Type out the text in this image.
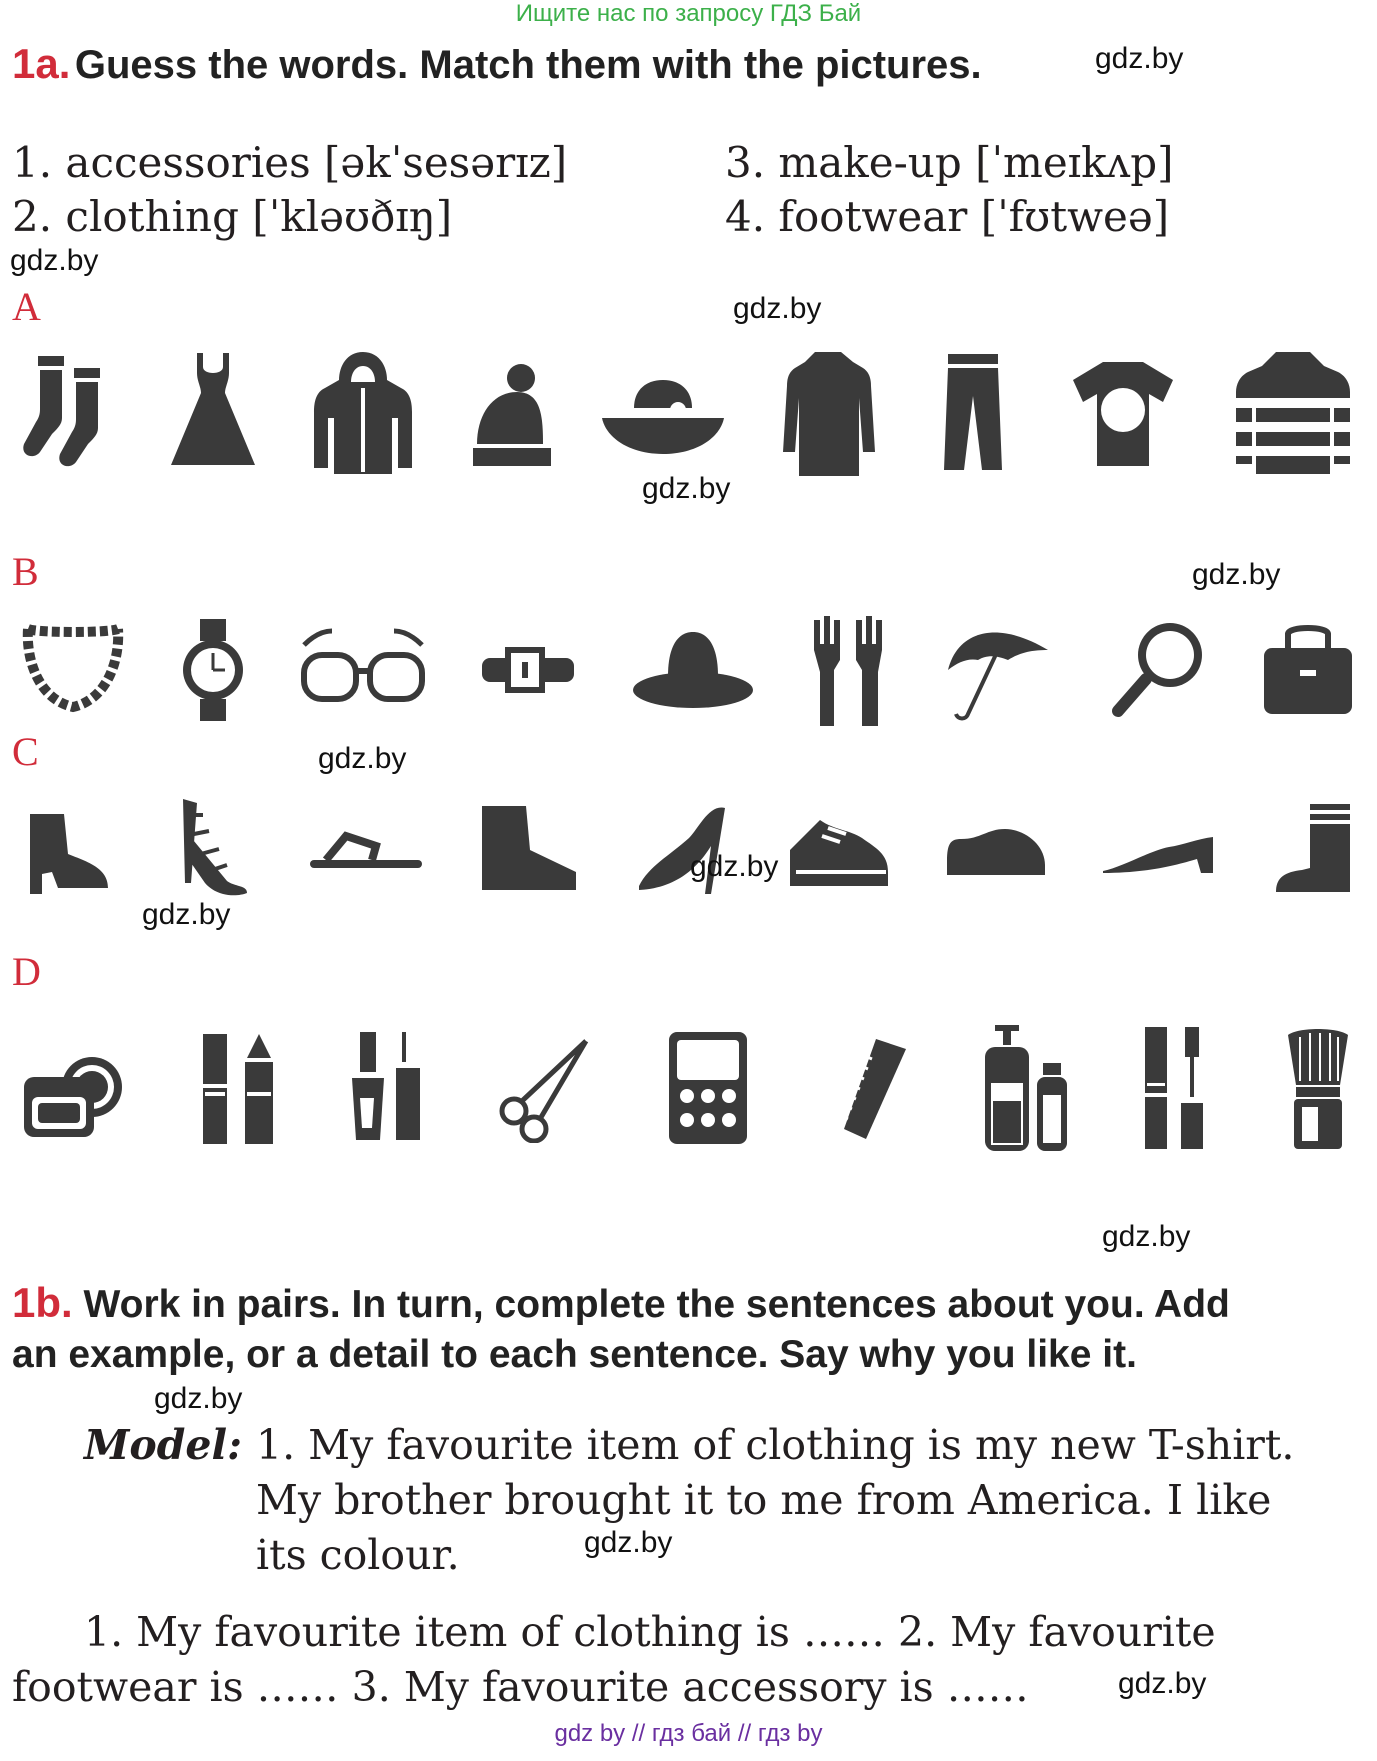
Ищите нас по запросу ГДЗ Бай
1a. Guess the words. Match them with the pictures.	gdz.by
1. accessories [əkˈsesərɪz]
2. clothing [ˈkləʊðɪŋ]
3. make-up [ˈmeɪkʌp]
4. footwear [ˈfʊtweə]
gdz.by
A	gdz.by
gdz.by
B	gdz.by
C	gdz.by
gdz.by
gdz.by
D
gdz.by
1b. Work in pairs. In turn, complete the sentences about you. Add
an example, or a detail to each sentence. Say why you like it.
gdz.by
Model: 1. My favourite item of clothing is my new T-shirt.
My brother brought it to me from America. I like
its colour.	gdz.by
1. My favourite item of clothing is …… 2. My favourite
footwear is …… 3. My favourite accessory is ……	gdz.by
gdz by // гдз бай // гдз by
